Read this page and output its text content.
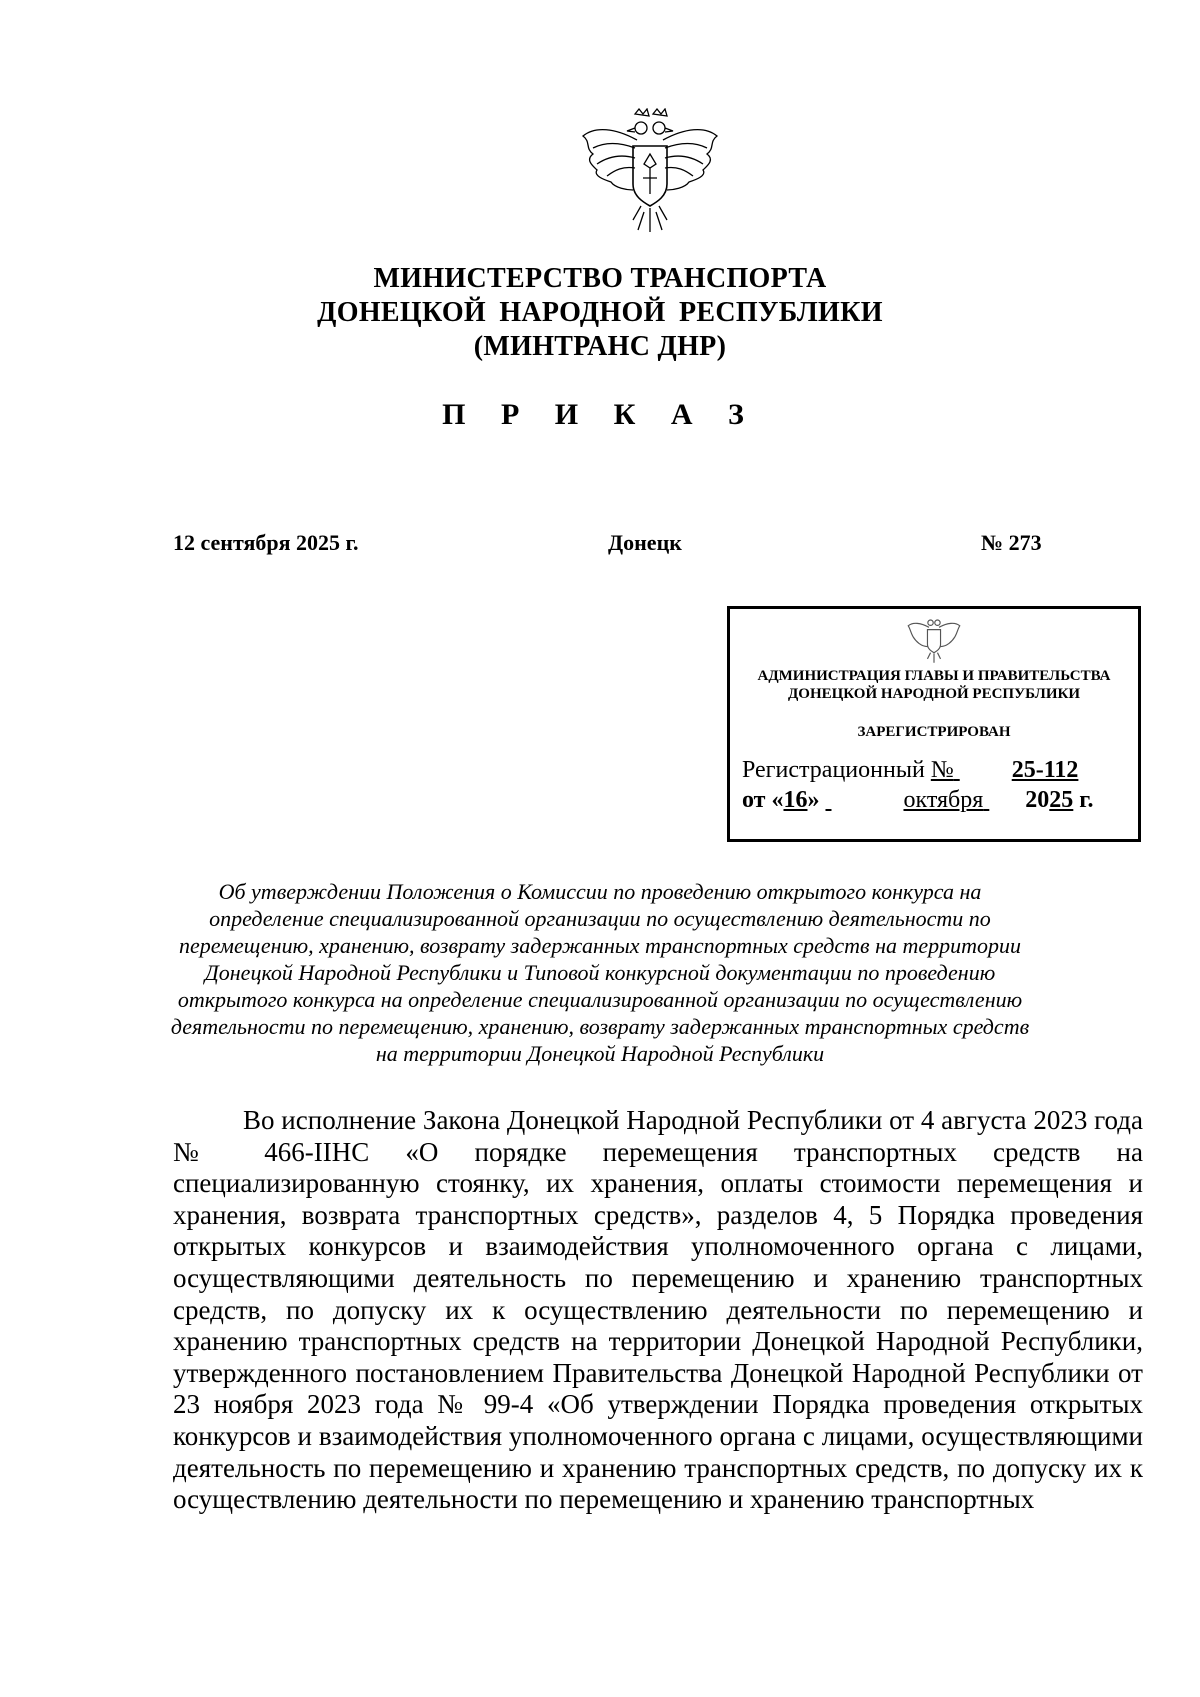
МИНИСТЕРСТВО ТРАНСПОРТА
ДОНЕЦКОЙ НАРОДНОЙ РЕСПУБЛИКИ
(МИНТРАНС ДНР)
П Р И К А З
12 сентября 2025 г.	Донецк	№ 273
АДМИНИСТРАЦИЯ ГЛАВЫ И ПРАВИТЕЛЬСТВА
ДОНЕЦКОЙ НАРОДНОЙ РЕСПУБЛИКИ
ЗАРЕГИСТРИРОВАН
Регистрационный № 25-112
от «16»	октября 2025 г.
Об утверждении Положения о Комиссии по проведению открытого конкурса на определение специализированной организации по осуществлению деятельности по перемещению, хранению, возврату задержанных транспортных средств на территории Донецкой Народной Республики и Типовой конкурсной документации по проведению открытого конкурса на определение специализированной организации по осуществлению деятельности по перемещению, хранению, возврату задержанных транспортных средств на территории Донецкой Народной Республики
Во исполнение Закона Донецкой Народной Республики от 4 августа 2023 года № 466-IIНС «О порядке перемещения транспортных средств на специализированную стоянку, их хранения, оплаты стоимости перемещения и хранения, возврата транспортных средств», разделов 4, 5 Порядка проведения открытых конкурсов и взаимодействия уполномоченного органа с лицами, осуществляющими деятельность по перемещению и хранению транспортных средств, по допуску их к осуществлению деятельности по перемещению и хранению транспортных средств на территории Донецкой Народной Республики, утвержденного постановлением Правительства Донецкой Народной Республики от 23 ноября 2023 года № 99-4 «Об утверждении Порядка проведения открытых конкурсов и взаимодействия уполномоченного органа с лицами, осуществляющими деятельность по перемещению и хранению транспортных средств, по допуску их к осуществлению деятельности по перемещению и хранению транспортных
